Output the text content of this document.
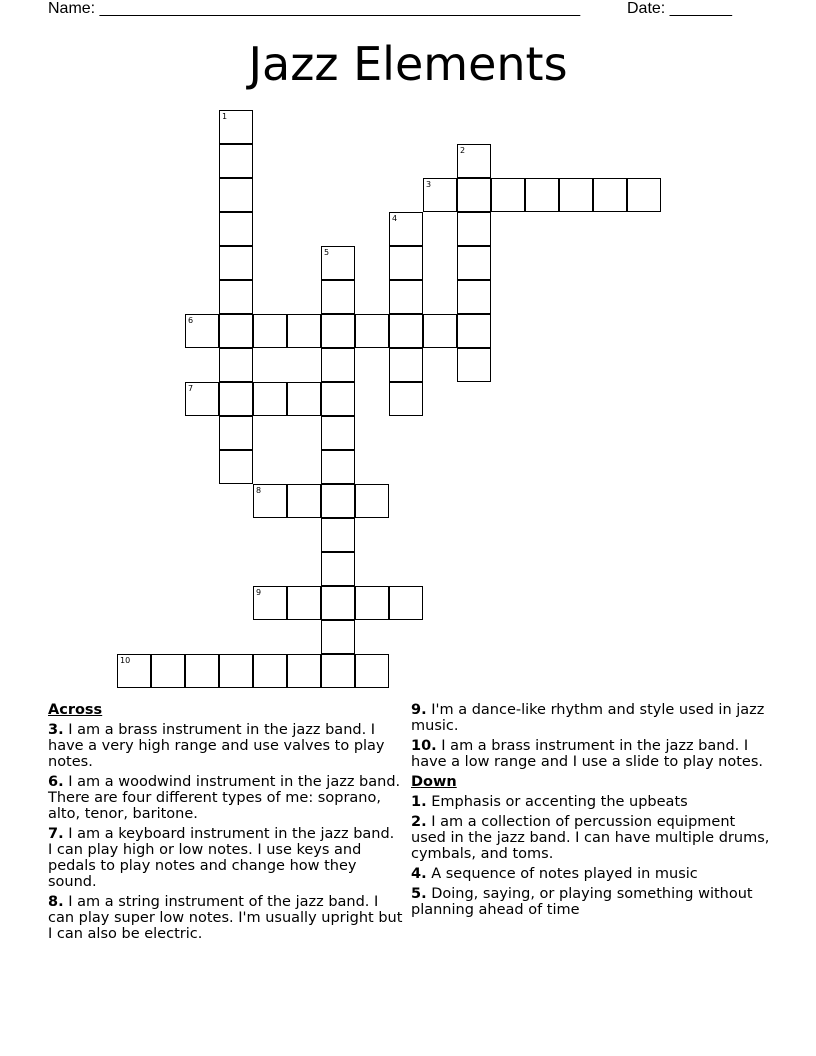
Name: ______________________________________________________	Date: _______
Jazz Elements
1
2
3
4
5
6
7
8
9
10
Across
3. I am a brass instrument in the jazz band. I have a very high range and use valves to play notes.
6. I am a woodwind instrument in the jazz band. There are four different types of me: soprano, alto, tenor, baritone.
7. I am a keyboard instrument in the jazz band. I can play high or low notes. I use keys and pedals to play notes and change how they sound.
8. I am a string instrument of the jazz band. I can play super low notes. I'm usually upright but I can also be electric.
9. I'm a dance-like rhythm and style used in jazz music.
10. I am a brass instrument in the jazz band. I have a low range and I use a slide to play notes.
Down
1. Emphasis or accenting the upbeats
2. I am a collection of percussion equipment used in the jazz band. I can have multiple drums, cymbals, and toms.
4. A sequence of notes played in music
5. Doing, saying, or playing something without planning ahead of time
